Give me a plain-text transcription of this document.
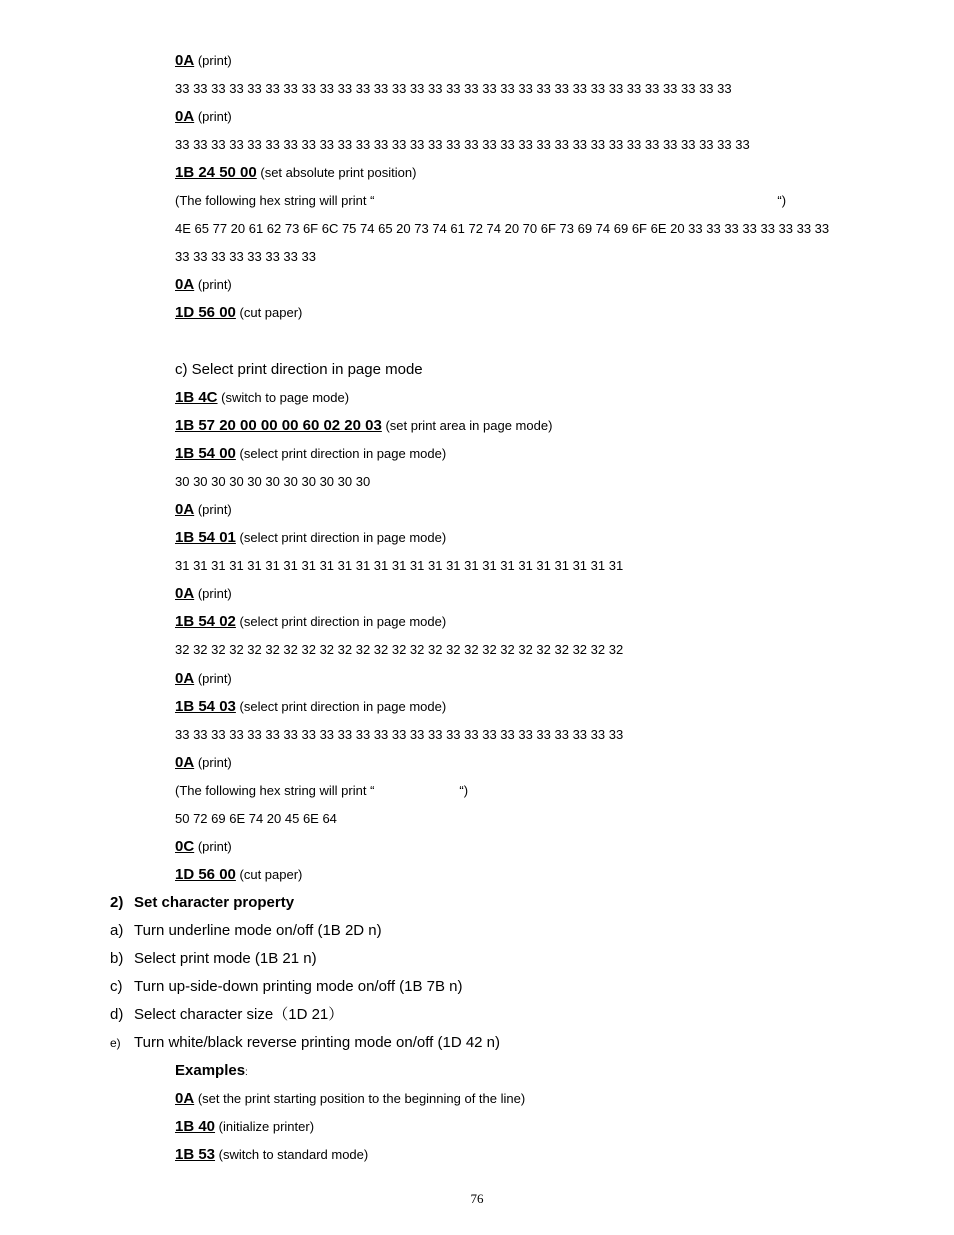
0A (print)
33 33 33 33 33 33 33 33 33 33 33 33 33 33 33 33 33 33 33 33 33 33 33 33 33 33 33 33 33 33 33
0A (print)
33 33 33 33 33 33 33 33 33 33 33 33 33 33 33 33 33 33 33 33 33 33 33 33 33 33 33 33 33 33 33 33
1B 24 50 00 (set absolute print position)
(The following hex string will print “	“)
4E 65 77 20 61 62 73 6F 6C 75 74 65 20 73 74 61 72 74 20 70 6F 73 69 74 69 6F 6E 20 33 33 33 33 33 33 33 33
33 33 33 33 33 33 33 33
0A (print)
1D 56 00 (cut paper)
c) Select print direction in page mode
1B 4C (switch to page mode)
1B 57 20 00 00 00 60 02 20 03 (set print area in page mode)
1B 54 00 (select print direction in page mode)
30 30 30 30 30 30 30 30 30 30 30
0A (print)
1B 54 01 (select print direction in page mode)
31 31 31 31 31 31 31 31 31 31 31 31 31 31 31 31 31 31 31 31 31 31 31 31 31
0A (print)
1B 54 02 (select print direction in page mode)
32 32 32 32 32 32 32 32 32 32 32 32 32 32 32 32 32 32 32 32 32 32 32 32 32
0A (print)
1B 54 03 (select print direction in page mode)
33 33 33 33 33 33 33 33 33 33 33 33 33 33 33 33 33 33 33 33 33 33 33 33 33
0A (print)
(The following hex string will print “	“)
50 72 69 6E 74 20 45 6E 64
0C (print)
1D 56 00 (cut paper)
2) Set character property
a) Turn underline mode on/off (1B 2D n)
b) Select print mode (1B 21 n)
c) Turn up-side-down printing mode on/off (1B 7B n)
d) Select character size（1D 21）
e) Turn white/black reverse printing mode on/off (1D 42 n)
Examples:
0A (set the print starting position to the beginning of the line)
1B 40 (initialize printer)
1B 53 (switch to standard mode)
76
